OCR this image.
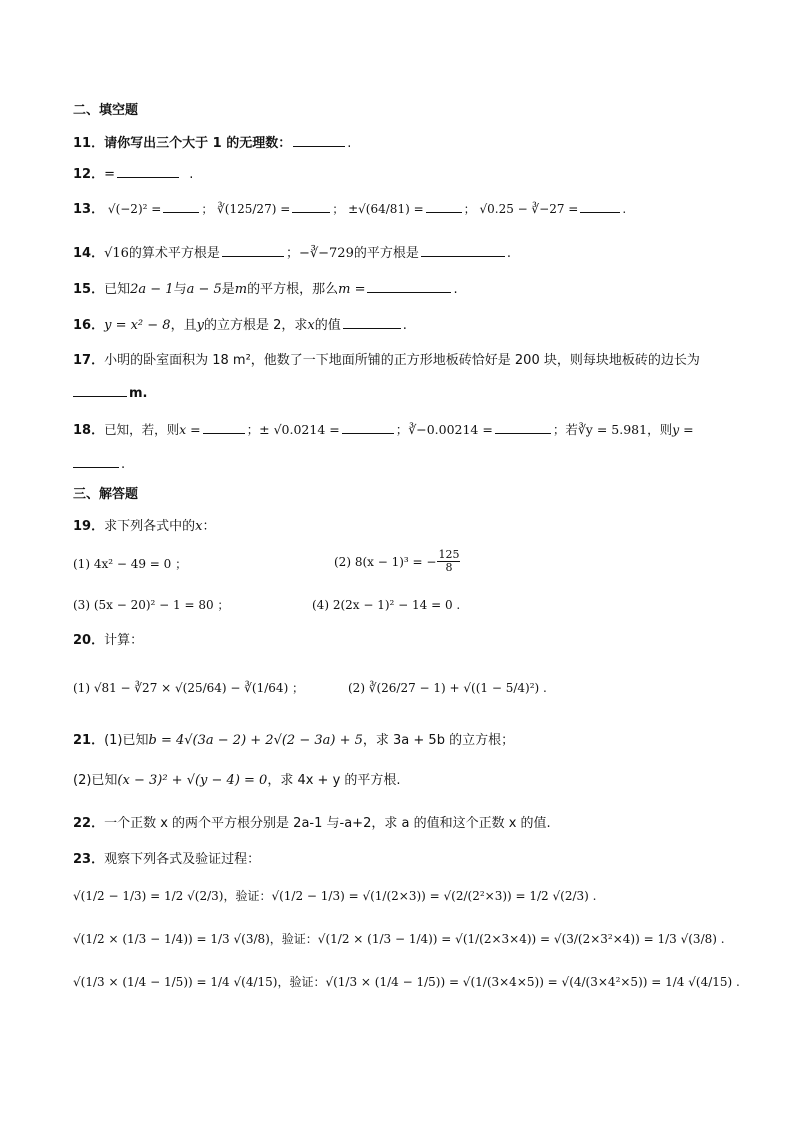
二、填空题
11．请你写出三个大于 1 的无理数：	.
12．=	.
13． √(−2)² =	； ∛(125/27) =	； ±√(64/81) =	； √0.25 − ∛−27 =	.
14．√16的算术平方根是	；−∛−729的平方根是	.
15．已知2a − 1与a − 5是m的平方根，那么m =	.
16．y = x² − 8，且y的立方根是 2，求x的值	.
17．小明的卧室面积为 18 m²，他数了一下地面所铺的正方形地板砖恰好是 200 块，则每块地板砖的边长为
m.
18．已知，若，则x =	；± √0.0214 =	；∛−0.00214 =	；若∛y = 5.981，则y =
.
三、解答题
19．求下列各式中的x：
(1) 4x² − 49 = 0 ；	(2) 8(x − 1)³ = − $\frac{125}{8}$
(3) (5x − 20)² − 1 = 80 ；	(4) 2(2x − 1)² − 14 = 0 .
20．计算：
(1) √81 − ∛27 × √(25/64) − ∛(1/64) ；	(2) ∛(26/27 − 1) + √((1 − 5/4)²) .
21．(1)已知b = 4√(3a − 2) + 2√(2 − 3a) + 5，求 3a + 5b 的立方根；
(2)已知(x − 3)² + √(y − 4) = 0，求 4x + y 的平方根.
22．一个正数 x 的两个平方根分别是 2a-1 与-a+2，求 a 的值和这个正数 x 的值.
23．观察下列各式及验证过程：
√(1/2 − 1/3) = 1/2 √(2/3)，验证：√(1/2 − 1/3) = √(1/(2×3)) = √(2/(2²×3)) = 1/2 √(2/3) .
√(1/2 × (1/3 − 1/4)) = 1/3 √(3/8)，验证：√(1/2 × (1/3 − 1/4)) = √(1/(2×3×4)) = √(3/(2×3²×4)) = 1/3 √(3/8) .
√(1/3 × (1/4 − 1/5)) = 1/4 √(4/15)，验证：√(1/3 × (1/4 − 1/5)) = √(1/(3×4×5)) = √(4/(3×4²×5)) = 1/4 √(4/15) .
